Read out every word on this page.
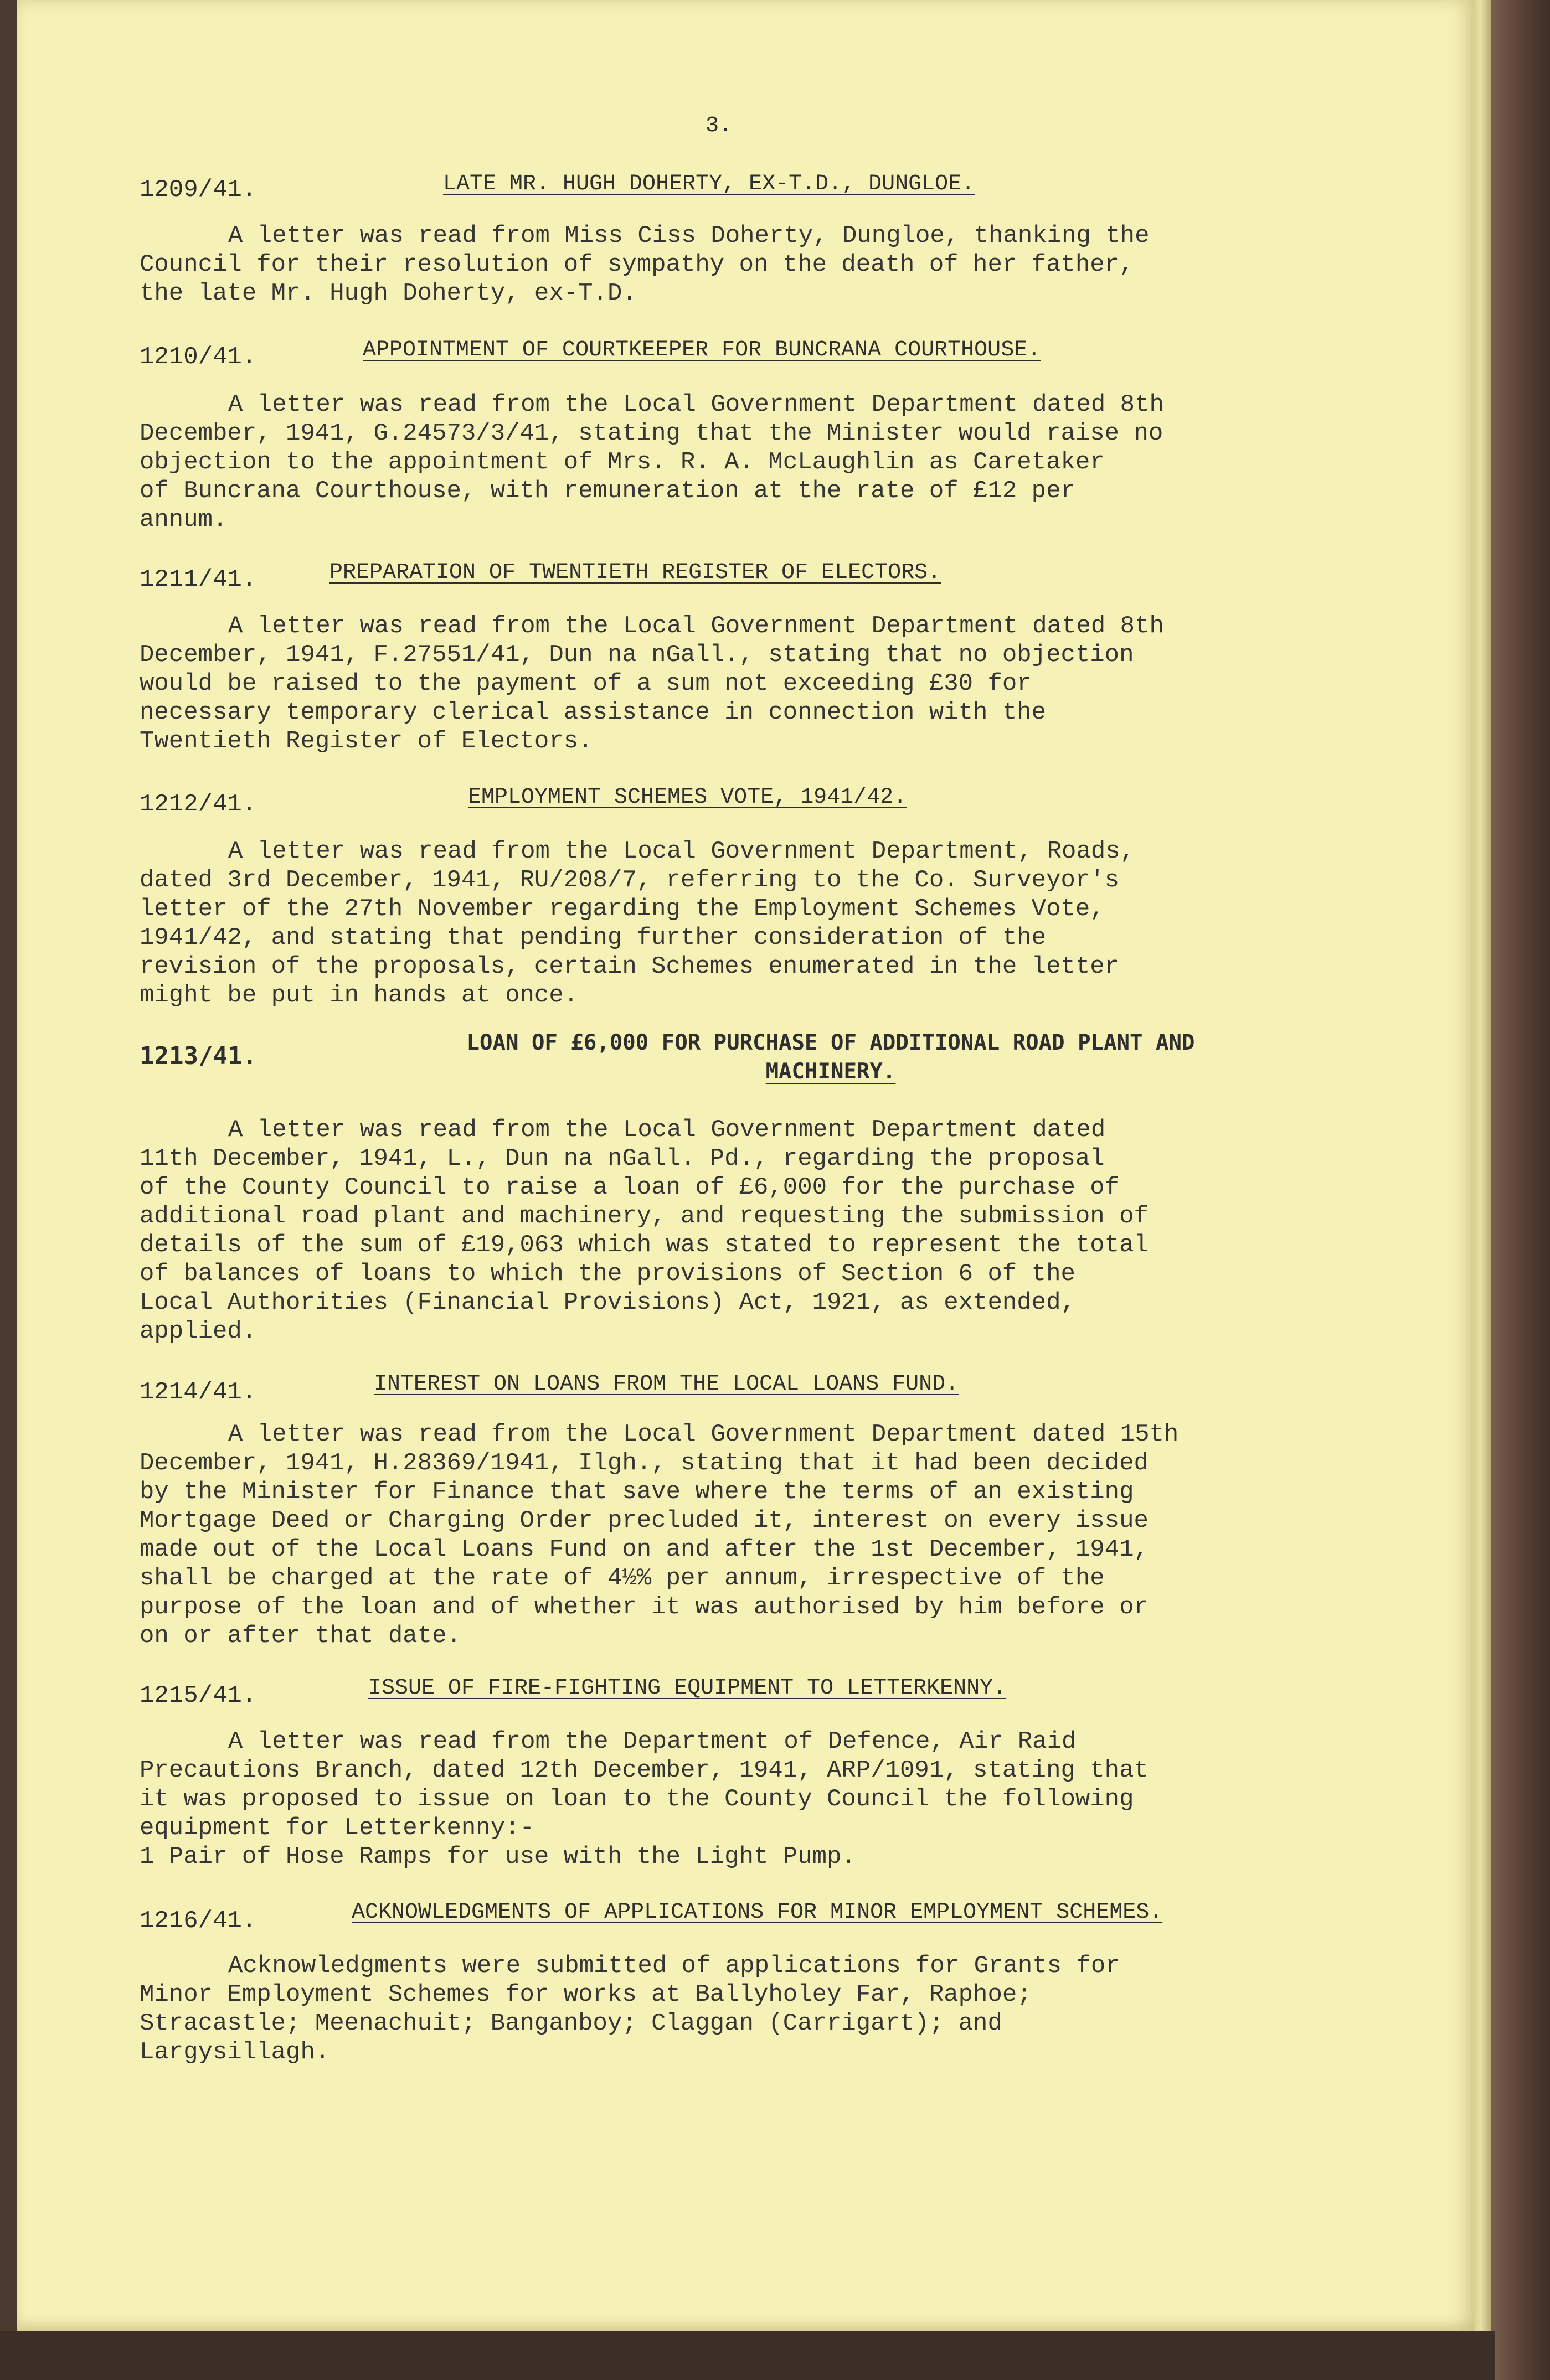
3.
1209/41.	LATE MR. HUGH DOHERTY, EX-T.D., DUNGLOE.

A letter was read from Miss Ciss Doherty, Dungloe, thanking the

Council for their resolution of sympathy on the death of her father,

the late Mr. Hugh Doherty, ex-T.D.

1210/41.	APPOINTMENT OF COURTKEEPER FOR BUNCRANA COURTHOUSE.

A letter was read from the Local Government Department dated 8th

December, 1941, G.24573/3/41, stating that the Minister would raise no

objection to the appointment of Mrs. R. A. McLaughlin as Caretaker

of Buncrana Courthouse, with remuneration at the rate of £12 per

annum.

1211/41.	PREPARATION OF TWENTIETH REGISTER OF ELECTORS.

A letter was read from the Local Government Department dated 8th

December, 1941, F.27551/41, Dun na nGall., stating that no objection

would be raised to the payment of a sum not exceeding £30 for

necessary temporary clerical assistance in connection with the

Twentieth Register of Electors.

1212/41.	EMPLOYMENT SCHEMES VOTE, 1941/42.

A letter was read from the Local Government Department, Roads,

dated 3rd December, 1941, RU/208/7, referring to the Co. Surveyor's

letter of the 27th November regarding the Employment Schemes Vote,

1941/42, and stating that pending further consideration of the

revision of the proposals, certain Schemes enumerated in the letter

might be put in hands at once.

1213/41.	LOAN OF £6,000 FOR PURCHASE OF ADDITIONAL ROAD PLANT AND
MACHINERY.

A letter was read from the Local Government Department dated

11th December, 1941, L., Dun na nGall. Pd., regarding the proposal

of the County Council to raise a loan of £6,000 for the purchase of

additional road plant and machinery, and requesting the submission of

details of the sum of £19,063 which was stated to represent the total

of balances of loans to which the provisions of Section 6 of the

Local Authorities (Financial Provisions) Act, 1921, as extended,

applied.

1214/41.	INTEREST ON LOANS FROM THE LOCAL LOANS FUND.

A letter was read from the Local Government Department dated 15th

December, 1941, H.28369/1941, Ilgh., stating that it had been decided

by the Minister for Finance that save where the terms of an existing

Mortgage Deed or Charging Order precluded it, interest on every issue

made out of the Local Loans Fund on and after the 1st December, 1941,

shall be charged at the rate of 4½% per annum, irrespective of the

purpose of the loan and of whether it was authorised by him before or

on or after that date.

1215/41.	ISSUE OF FIRE-FIGHTING EQUIPMENT TO LETTERKENNY.

A letter was read from the Department of Defence, Air Raid

Precautions Branch, dated 12th December, 1941, ARP/1091, stating that

it was proposed to issue on loan to the County Council the following

equipment for Letterkenny:-

1 Pair of Hose Ramps for use with the Light Pump.

1216/41.	ACKNOWLEDGMENTS OF APPLICATIONS FOR MINOR EMPLOYMENT SCHEMES.

Acknowledgments were submitted of applications for Grants for

Minor Employment Schemes for works at Ballyholey Far, Raphoe;

Stracastle; Meenachuit; Banganboy; Claggan (Carrigart); and

Largysillagh.
